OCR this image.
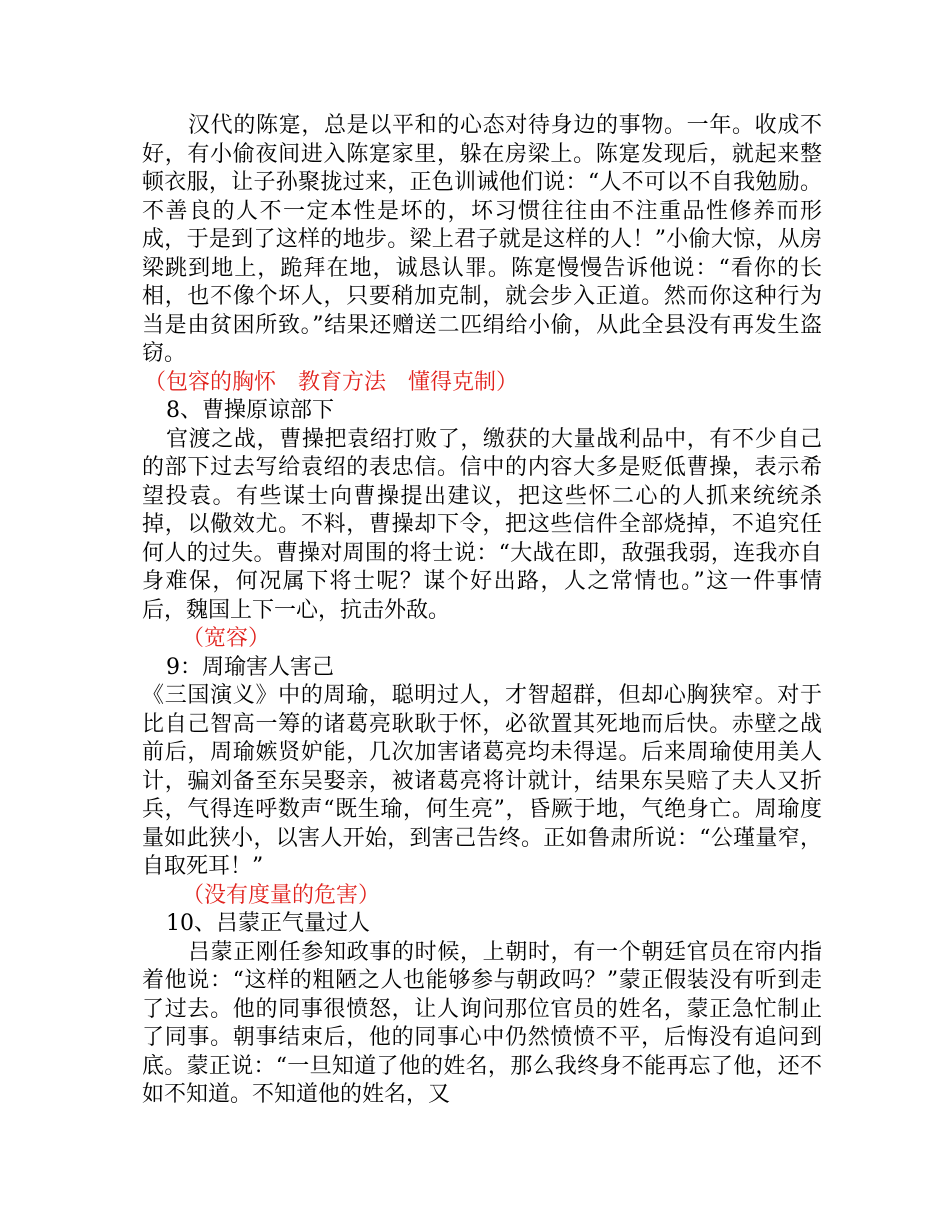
汉代的陈寔，总是以平和的心态对待身边的事物。一年。收成不好，有小偷夜间进入陈寔家里，躲在房梁上。陈寔发现后，就起来整顿衣服，让子孙聚拢过来，正色训诫他们说：“人不可以不自我勉励。不善良的人不一定本性是坏的，坏习惯往往由不注重品性修养而形成，于是到了这样的地步。梁上君子就是这样的人！”小偷大惊，从房梁跳到地上，跪拜在地，诚恳认罪。陈寔慢慢告诉他说：“看你的长相，也不像个坏人，只要稍加克制，就会步入正道。然而你这种行为当是由贫困所致。”结果还赠送二匹绢给小偷，从此全县没有再发生盗窃。

（包容的胸怀　教育方法　懂得克制）

8、曹操原谅部下

官渡之战，曹操把袁绍打败了，缴获的大量战利品中，有不少自己的部下过去写给袁绍的表忠信。信中的内容大多是贬低曹操，表示希望投袁。有些谋士向曹操提出建议，把这些怀二心的人抓来统统杀掉，以儆效尤。不料，曹操却下令，把这些信件全部烧掉，不追究任何人的过失。曹操对周围的将士说：“大战在即，敌强我弱，连我亦自身难保，何况属下将士呢？谋个好出路，人之常情也。”这一件事情后，魏国上下一心，抗击外敌。

（宽容）

9：周瑜害人害己

《三国演义》中的周瑜，聪明过人，才智超群，但却心胸狭窄。对于比自己智高一筹的诸葛亮耿耿于怀，必欲置其死地而后快。赤壁之战前后，周瑜嫉贤妒能，几次加害诸葛亮均未得逞。后来周瑜使用美人计，骗刘备至东吴娶亲，被诸葛亮将计就计，结果东吴赔了夫人又折兵，气得连呼数声“既生瑜，何生亮”，昏厥于地，气绝身亡。周瑜度量如此狭小，以害人开始，到害己告终。正如鲁肃所说：“公瑾量窄，自取死耳！”

（没有度量的危害）

10、吕蒙正气量过人

吕蒙正刚任参知政事的时候，上朝时，有一个朝廷官员在帘内指着他说：“这样的粗陋之人也能够参与朝政吗？”蒙正假装没有听到走了过去。他的同事很愤怒，让人询问那位官员的姓名，蒙正急忙制止了同事。朝事结束后，他的同事心中仍然愤愤不平，后悔没有追问到底。蒙正说：“一旦知道了他的姓名，那么我终身不能再忘了他，还不如不知道。不知道他的姓名，又
